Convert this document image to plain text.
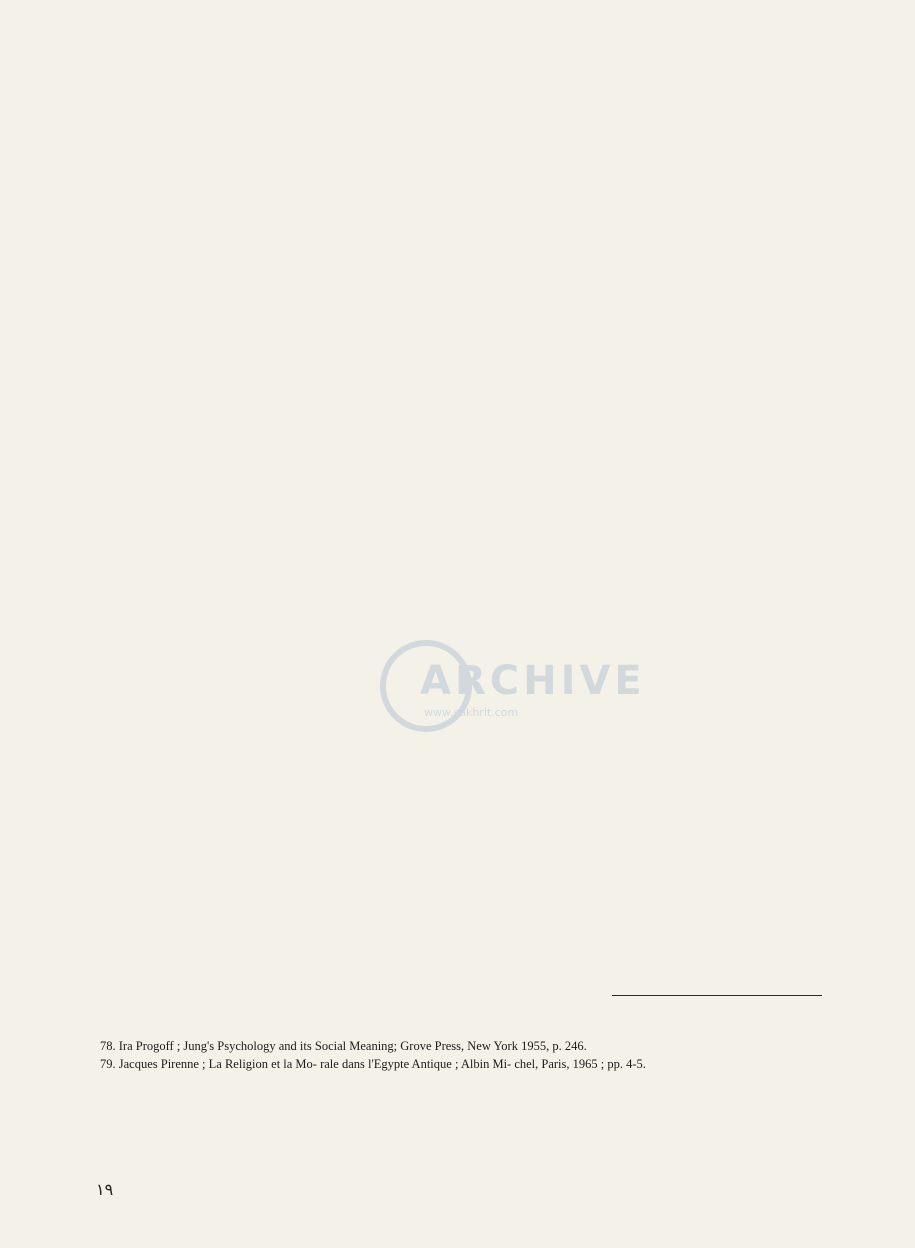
ARCHIVE
www.sakhrit.com
78. Ira Progoff ; Jung's Psychology and its Social Meaning; Grove Press, New York 1955, p. 246.
79. Jacques Pirenne ; La Religion et la Mo- rale dans l'Egypte Antique ; Albin Mi- chel, Paris, 1965 ; pp. 4-5.
١٩
